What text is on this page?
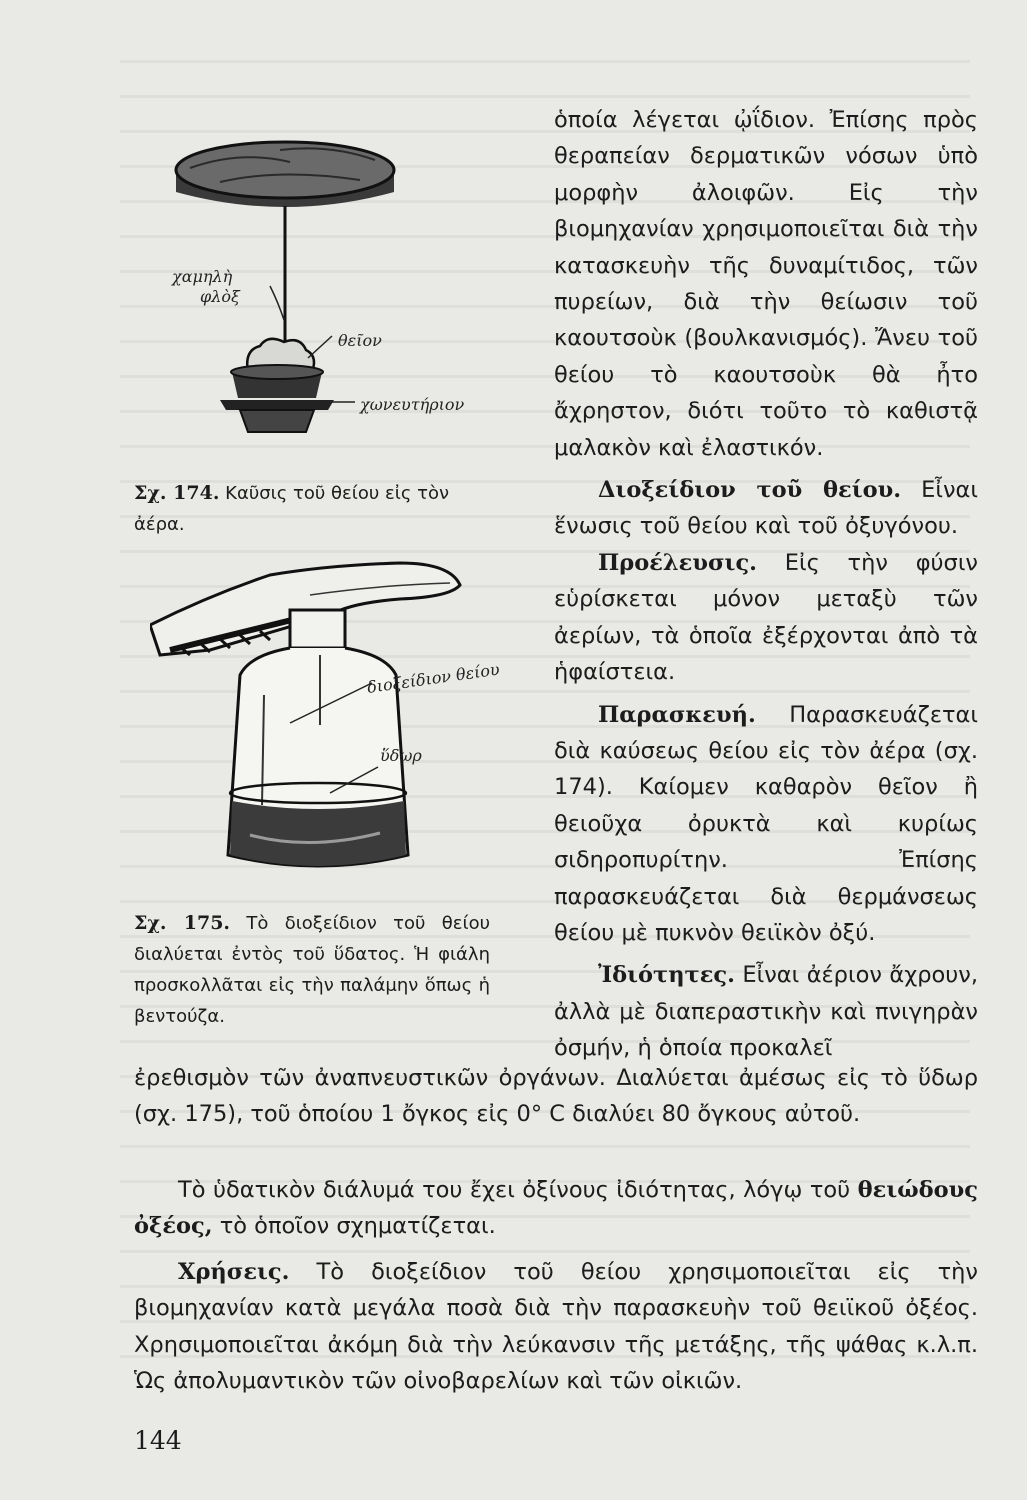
χαμηλὴ
φλὸξ
θεῖον
χωνευτήριον
Σχ. 174. Καῦσις τοῦ θείου εἰς τὸν ἀέρα.
διοξείδιον θείου
ὕδωρ
Σχ. 175. Τὸ διοξείδιον τοῦ θείου διαλύεται ἐντὸς τοῦ ὕδατος. Ἡ φιάλη προσκολλᾶται εἰς τὴν παλάμην ὅπως ἡ βεντούζα.

ὁποία λέγεται ᾠΐδιον. Ἐπίσης πρὸς θεραπείαν δερματικῶν νόσων ὑπὸ μορφὴν ἀλοιφῶν. Εἰς τὴν βιομηχανίαν χρησιμοποιεῖται διὰ τὴν κατασκευὴν τῆς δυναμίτιδος, τῶν πυρείων, διὰ τὴν θείωσιν τοῦ καουτσοὺκ (βουλκανισμός). Ἄνευ τοῦ θείου τὸ καουτσοὺκ θὰ ἦτο ἄχρηστον, διότι τοῦτο τὸ καθιστᾷ μαλακὸν καὶ ἐλαστικόν.

Διοξείδιον τοῦ θείου. Εἶναι ἕνωσις τοῦ θείου καὶ τοῦ ὀξυγόνου.

Προέλευσις. Εἰς τὴν φύσιν εὑρίσκεται μόνον μεταξὺ τῶν ἀερίων, τὰ ὁποῖα ἐξέρχονται ἀπὸ τὰ ἡφαίστεια.

Παρασκευή. Παρασκευάζεται διὰ καύσεως θείου εἰς τὸν ἀέρα (σχ. 174). Καίομεν καθαρὸν θεῖον ἢ θειοῦχα ὀρυκτὰ καὶ κυρίως σιδηροπυρίτην. Ἐπίσης παρασκευάζεται διὰ θερμάνσεως θείου μὲ πυκνὸν θειϊκὸν ὀξύ.

Ἰδιότητες. Εἶναι ἀέριον ἄχρουν, ἀλλὰ μὲ διαπεραστικὴν καὶ πνιγηρὰν ὀσμήν, ἡ ὁποία προκαλεῖ

ἐρεθισμὸν τῶν ἀναπνευστικῶν ὀργάνων. Διαλύεται ἀμέσως εἰς τὸ ὕδωρ (σχ. 175), τοῦ ὁποίου 1 ὄγκος εἰς 0° C διαλύει 80 ὄγκους αὐτοῦ.

Τὸ ὑδατικὸν διάλυμά του ἔχει ὀξίνους ἰδιότητας, λόγῳ τοῦ θειώδους ὀξέος, τὸ ὁποῖον σχηματίζεται.

Χρήσεις. Τὸ διοξείδιον τοῦ θείου χρησιμοποιεῖται εἰς τὴν βιομηχανίαν κατὰ μεγάλα ποσὰ διὰ τὴν παρασκευὴν τοῦ θειϊκοῦ ὀξέος. Χρησιμοποιεῖται ἀκόμη διὰ τὴν λεύκανσιν τῆς μετάξης, τῆς ψάθας κ.λ.π. Ὡς ἀπολυμαντικὸν τῶν οἰνοβαρελίων καὶ τῶν οἰκιῶν.

144
